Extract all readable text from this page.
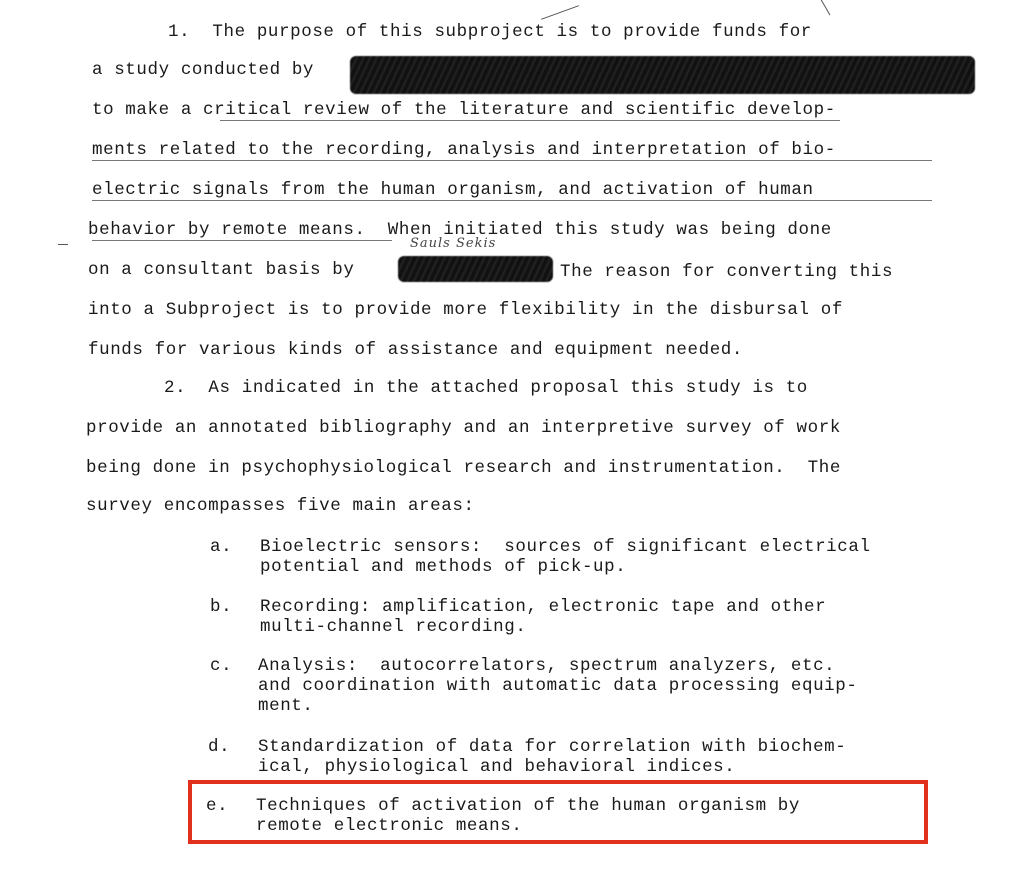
1.  The purpose of this subproject is to provide funds for
a study conducted by
to make a critical review of the literature and scientific develop-
ments related to the recording, analysis and interpretation of bio-
electric signals from the human organism, and activation of human
behavior by remote means.  When initiated this study was being done
Sauls Sekis
on a consultant basis by	The reason for converting this
into a Subproject is to provide more flexibility in the disbursal of
funds for various kinds of assistance and equipment needed.
2.  As indicated in the attached proposal this study is to
provide an annotated bibliography and an interpretive survey of work
being done in psychophysiological research and instrumentation.  The
survey encompasses five main areas:
a. Bioelectric sensors:  sources of significant electrical
potential and methods of pick-up.
b. Recording: amplification, electronic tape and other
multi-channel recording.
c. Analysis:  autocorrelators, spectrum analyzers, etc.
and coordination with automatic data processing equip-
ment.
d. Standardization of data for correlation with biochem-
ical, physiological and behavioral indices.
e. Techniques of activation of the human organism by
remote electronic means.
